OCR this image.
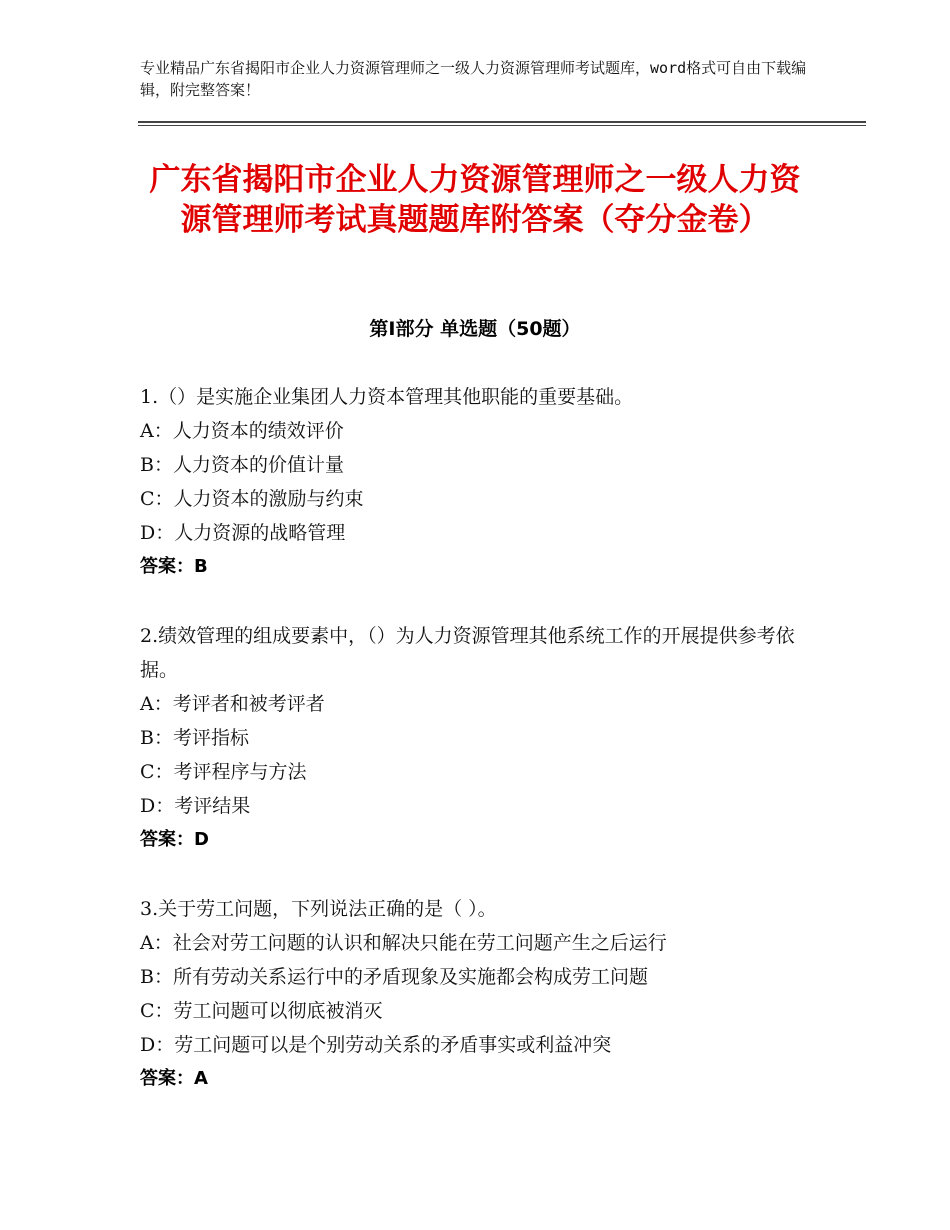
专业精品广东省揭阳市企业人力资源管理师之一级人力资源管理师考试题库，word格式可自由下载编辑，附完整答案！
广东省揭阳市企业人力资源管理师之一级人力资源管理师考试真题题库附答案（夺分金卷）
第Ⅰ部分 单选题（50题）
1.（）是实施企业集团人力资本管理其他职能的重要基础。
A：人力资本的绩效评价
B：人力资本的价值计量
C：人力资本的激励与约束
D：人力资源的战略管理
答案：B
2.绩效管理的组成要素中，（）为人力资源管理其他系统工作的开展提供参考依据。
A：考评者和被考评者
B：考评指标
C：考评程序与方法
D：考评结果
答案：D
3.关于劳工问题，下列说法正确的是（ ）。
A：社会对劳工问题的认识和解决只能在劳工问题产生之后运行
B：所有劳动关系运行中的矛盾现象及实施都会构成劳工问题
C：劳工问题可以彻底被消灭
D：劳工问题可以是个别劳动关系的矛盾事实或利益冲突
答案：A
